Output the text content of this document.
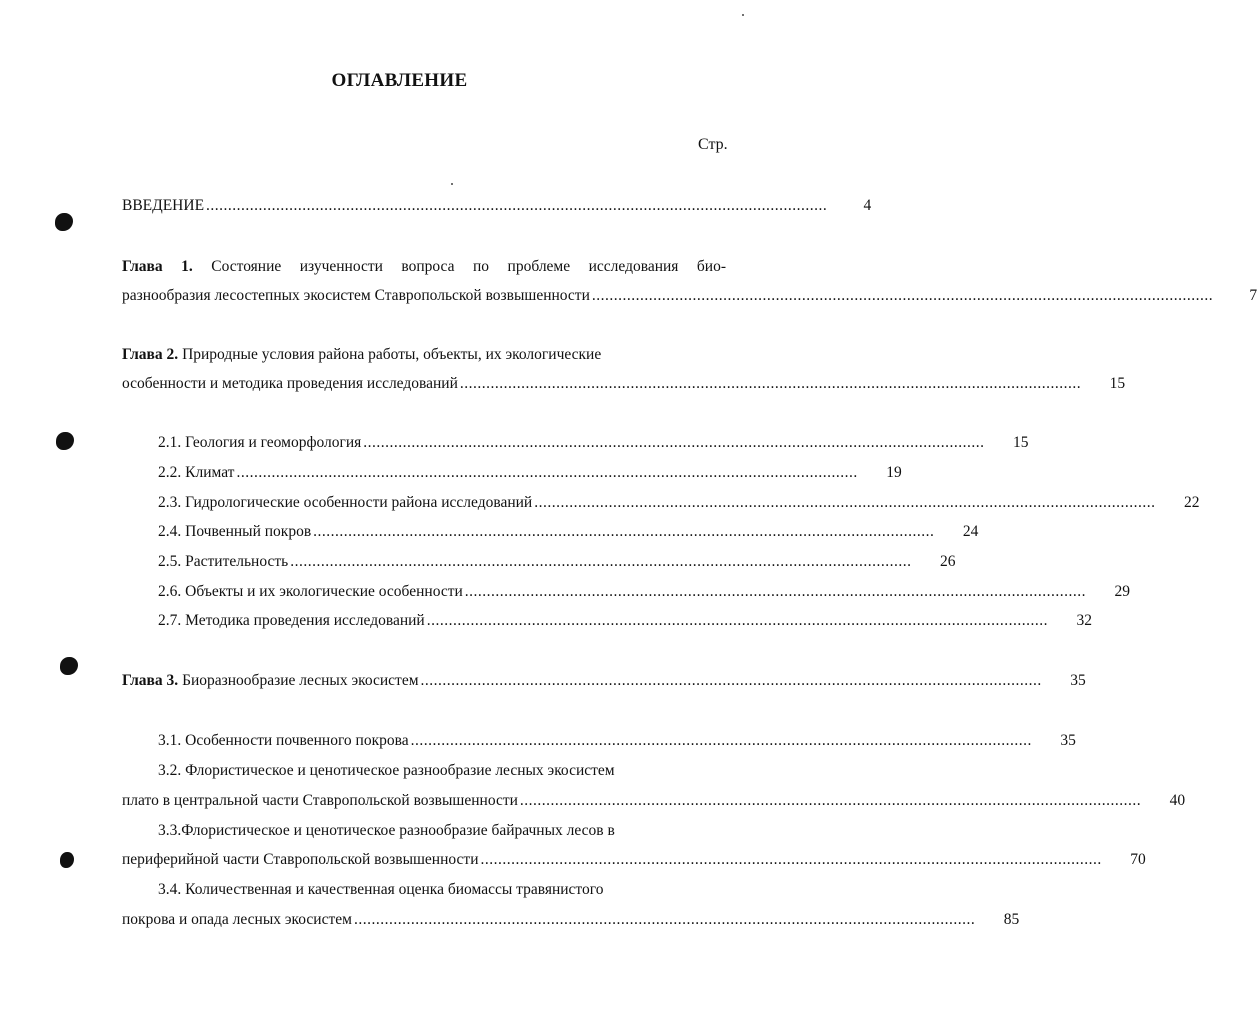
ОГЛАВЛЕНИЕ
Стр.
ВВЕДЕНИЕ ..............................................................................................................................................	4
Глава 1. Состояние изученности вопроса по проблеме исследования био-
разнообразия лесостепных экосистем Ставропольской возвышенности ..............................................................................................................................................	7
Глава 2. Природные условия района работы, объекты, их экологические
особенности и методика проведения исследований ..............................................................................................................................................	15
2.1. Геология и геоморфология ..............................................................................................................................................	15
2.2. Климат ..............................................................................................................................................	19
2.3. Гидрологические особенности района исследований ..............................................................................................................................................	22
2.4. Почвенный покров ..............................................................................................................................................	24
2.5. Растительность ..............................................................................................................................................	26
2.6. Объекты и их экологические особенности ..............................................................................................................................................	29
2.7. Методика проведения исследований ..............................................................................................................................................	32
Глава 3. Биоразнообразие лесных экосистем ..............................................................................................................................................	35
3.1. Особенности почвенного покрова ..............................................................................................................................................	35
3.2. Флористическое и ценотическое разнообразие лесных экосистем
плато в центральной части Ставропольской возвышенности ..............................................................................................................................................	40
3.3.Флористическое и ценотическое разнообразие байрачных лесов в
периферийной части Ставропольской возвышенности ..............................................................................................................................................	70
3.4. Количественная и качественная оценка биомассы травянистого
покрова и опада лесных экосистем ..............................................................................................................................................	85
